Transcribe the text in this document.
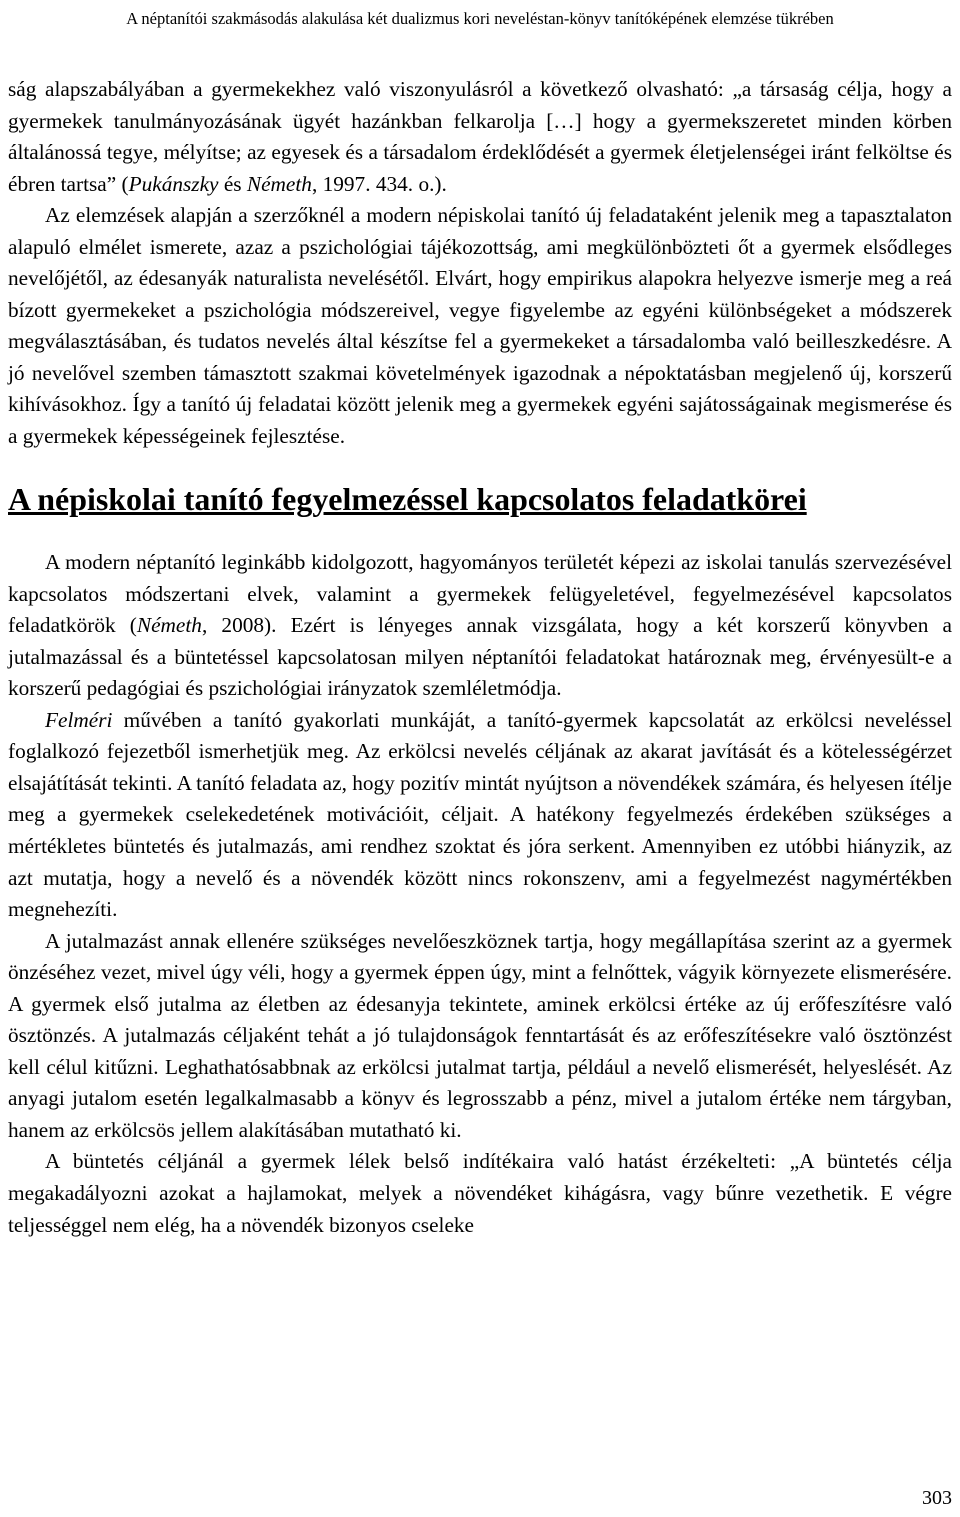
A néptanítói szakmásodás alakulása két dualizmus kori neveléstan-könyv tanítóképének elemzése tükrében

ság alapszabályában a gyermekekhez való viszonyulásról a következő olvasható: „a társaság célja, hogy a gyermekek tanulmányozásának ügyét hazánkban felkarolja […] hogy a gyermekszeretet minden körben általánossá tegye, mélyítse; az egyesek és a társadalom érdeklődését a gyermek életjelenségei iránt felköltse és ébren tartsa” (Pukánszky és Németh, 1997. 434. o.).

Az elemzések alapján a szerzőknél a modern népiskolai tanító új feladataként jelenik meg a tapasztalaton alapuló elmélet ismerete, azaz a pszichológiai tájékozottság, ami megkülönbözteti őt a gyermek elsődleges nevelőjétől, az édesanyák naturalista nevelésétől. Elvárt, hogy empirikus alapokra helyezve ismerje meg a reá bízott gyermekeket a pszichológia módszereivel, vegye figyelembe az egyéni különbségeket a módszerek megválasztásában, és tudatos nevelés által készítse fel a gyermekeket a társadalomba való beilleszkedésre. A jó nevelővel szemben támasztott szakmai követelmények igazodnak a népoktatásban megjelenő új, korszerű kihívásokhoz. Így a tanító új feladatai között jelenik meg a gyermekek egyéni sajátosságainak megismerése és a gyermekek képességeinek fejlesztése.

A népiskolai tanító fegyelmezéssel kapcsolatos feladatkörei

A modern néptanító leginkább kidolgozott, hagyományos területét képezi az iskolai tanulás szervezésével kapcsolatos módszertani elvek, valamint a gyermekek felügyeletével, fegyelmezésével kapcsolatos feladatkörök (Németh, 2008). Ezért is lényeges annak vizsgálata, hogy a két korszerű könyvben a jutalmazással és a büntetéssel kapcsolatosan milyen néptanítói feladatokat határoznak meg, érvényesült-e a korszerű pedagógiai és pszichológiai irányzatok szemléletmódja.

Felméri művében a tanító gyakorlati munkáját, a tanító-gyermek kapcsolatát az erkölcsi neveléssel foglalkozó fejezetből ismerhetjük meg. Az erkölcsi nevelés céljának az akarat javítását és a kötelességérzet elsajátítását tekinti. A tanító feladata az, hogy pozitív mintát nyújtson a növendékek számára, és helyesen ítélje meg a gyermekek cselekedetének motivációit, céljait. A hatékony fegyelmezés érdekében szükséges a mértékletes büntetés és jutalmazás, ami rendhez szoktat és jóra serkent. Amennyiben ez utóbbi hiányzik, az azt mutatja, hogy a nevelő és a növendék között nincs rokonszenv, ami a fegyelmezést nagymértékben megnehezíti.

A jutalmazást annak ellenére szükséges nevelőeszköznek tartja, hogy megállapítása szerint az a gyermek önzéséhez vezet, mivel úgy véli, hogy a gyermek éppen úgy, mint a felnőttek, vágyik környezete elismerésére. A gyermek első jutalma az életben az édesanyja tekintete, aminek erkölcsi értéke az új erőfeszítésre való ösztönzés. A jutalmazás céljaként tehát a jó tulajdonságok fenntartását és az erőfeszítésekre való ösztönzést kell célul kitűzni. Leghathatósabbnak az erkölcsi jutalmat tartja, például a nevelő elismerését, helyeslését. Az anyagi jutalom esetén legalkalmasabb a könyv és legrosszabb a pénz, mivel a jutalom értéke nem tárgyban, hanem az erkölcsös jellem alakításában mutatható ki.

A büntetés céljánál a gyermek lélek belső indítékaira való hatást érzékelteti: „A büntetés célja megakadályozni azokat a hajlamokat, melyek a növendéket kihágásra, vagy bűnre vezethetik. E végre teljességgel nem elég, ha a növendék bizonyos cseleke

303
